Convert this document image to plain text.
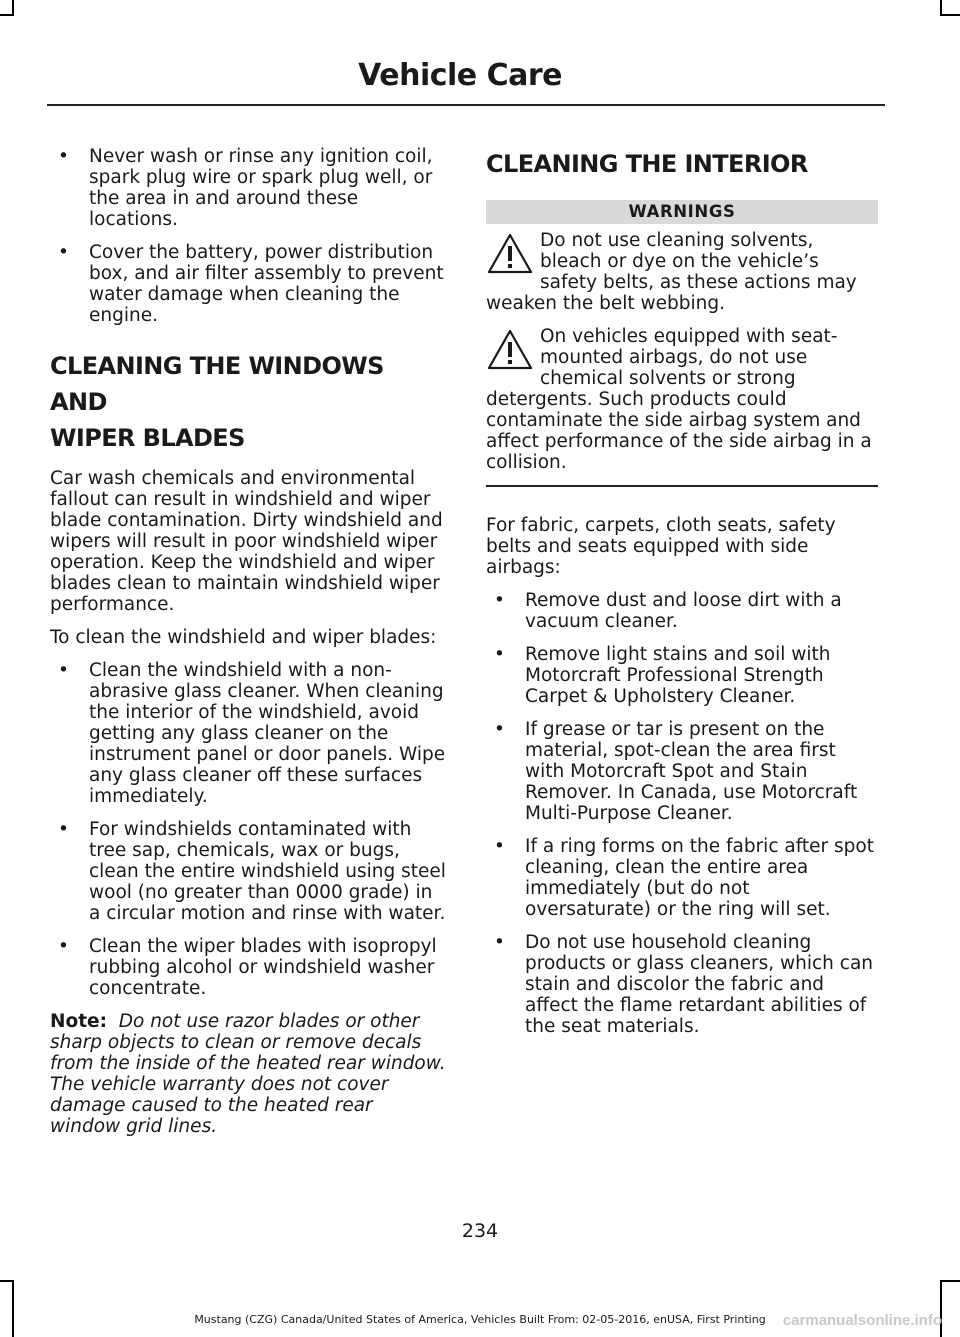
Vehicle Care
• Never wash or rinse any ignition coil, spark plug wire or spark plug well, or the area in and around these locations.
• Cover the battery, power distribution box, and air filter assembly to prevent water damage when cleaning the engine.
CLEANING THE WINDOWS AND
WIPER BLADES

Car wash chemicals and environmental fallout can result in windshield and wiper blade contamination. Dirty windshield and wipers will result in poor windshield wiper operation. Keep the windshield and wiper blades clean to maintain windshield wiper performance.

To clean the windshield and wiper blades:

• Clean the windshield with a non-abrasive glass cleaner. When cleaning the interior of the windshield, avoid getting any glass cleaner on the instrument panel or door panels. Wipe any glass cleaner off these surfaces immediately.
• For windshields contaminated with tree sap, chemicals, wax or bugs, clean the entire windshield using steel wool (no greater than 0000 grade) in a circular motion and rinse with water.
• Clean the wiper blades with isopropyl rubbing alcohol or windshield washer concentrate.

Note: Do not use razor blades or other sharp objects to clean or remove decals from the inside of the heated rear window. The vehicle warranty does not cover damage caused to the heated rear window grid lines.

CLEANING THE INTERIOR
WARNINGS
Do not use cleaning solvents, bleach or dye on the vehicle’s safety belts, as these actions may weaken the belt webbing.
On vehicles equipped with seat-mounted airbags, do not use chemical solvents or strong detergents. Such products could contaminate the side airbag system and affect performance of the side airbag in a collision.

For fabric, carpets, cloth seats, safety belts and seats equipped with side airbags:

• Remove dust and loose dirt with a vacuum cleaner.
• Remove light stains and soil with Motorcraft Professional Strength Carpet & Upholstery Cleaner.
• If grease or tar is present on the material, spot-clean the area first with Motorcraft Spot and Stain Remover. In Canada, use Motorcraft Multi-Purpose Cleaner.
• If a ring forms on the fabric after spot cleaning, clean the entire area immediately (but do not oversaturate) or the ring will set.
• Do not use household cleaning products or glass cleaners, which can stain and discolor the fabric and affect the flame retardant abilities of the seat materials.
234
Mustang (CZG) Canada/United States of America, Vehicles Built From: 02-05-2016, enUSA, First Printing	carmanualsonline.info
